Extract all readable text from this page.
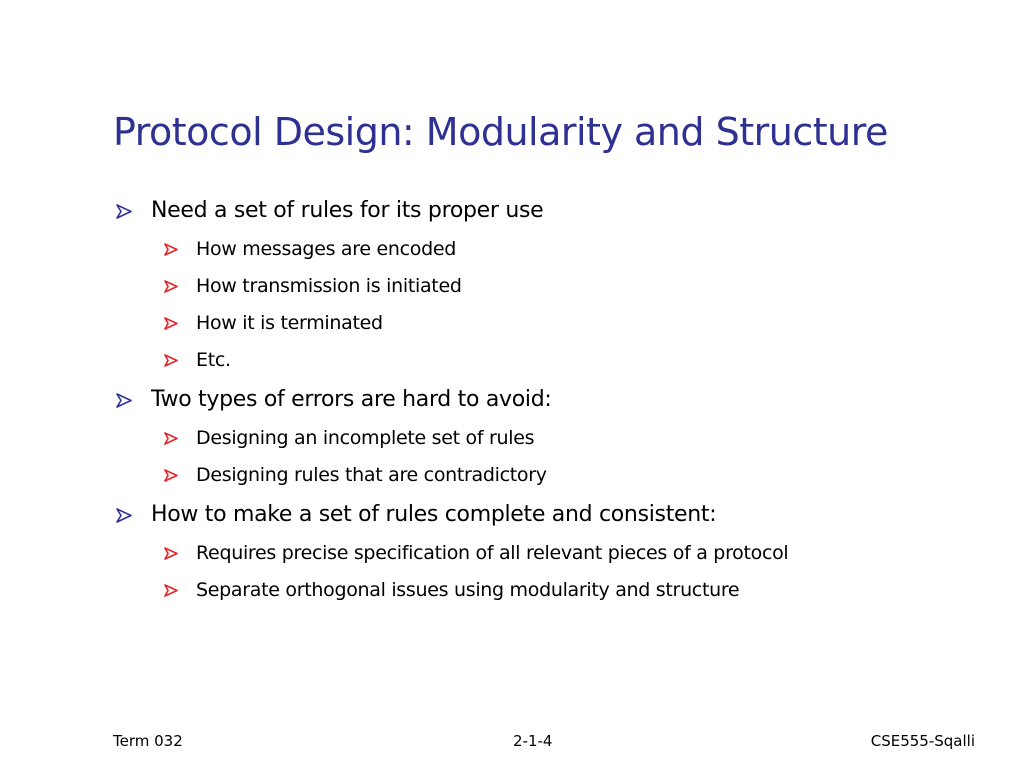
Protocol Design: Modularity and Structure
Need a set of rules for its proper use
How messages are encoded
How transmission is initiated
How it is terminated
Etc.
Two types of errors are hard to avoid:
Designing an incomplete set of rules
Designing rules that are contradictory
How to make a set of rules complete and consistent:
Requires precise specification of all relevant pieces of a protocol
Separate orthogonal issues using modularity and structure
Term 032	2-1-4	CSE555-Sqalli
